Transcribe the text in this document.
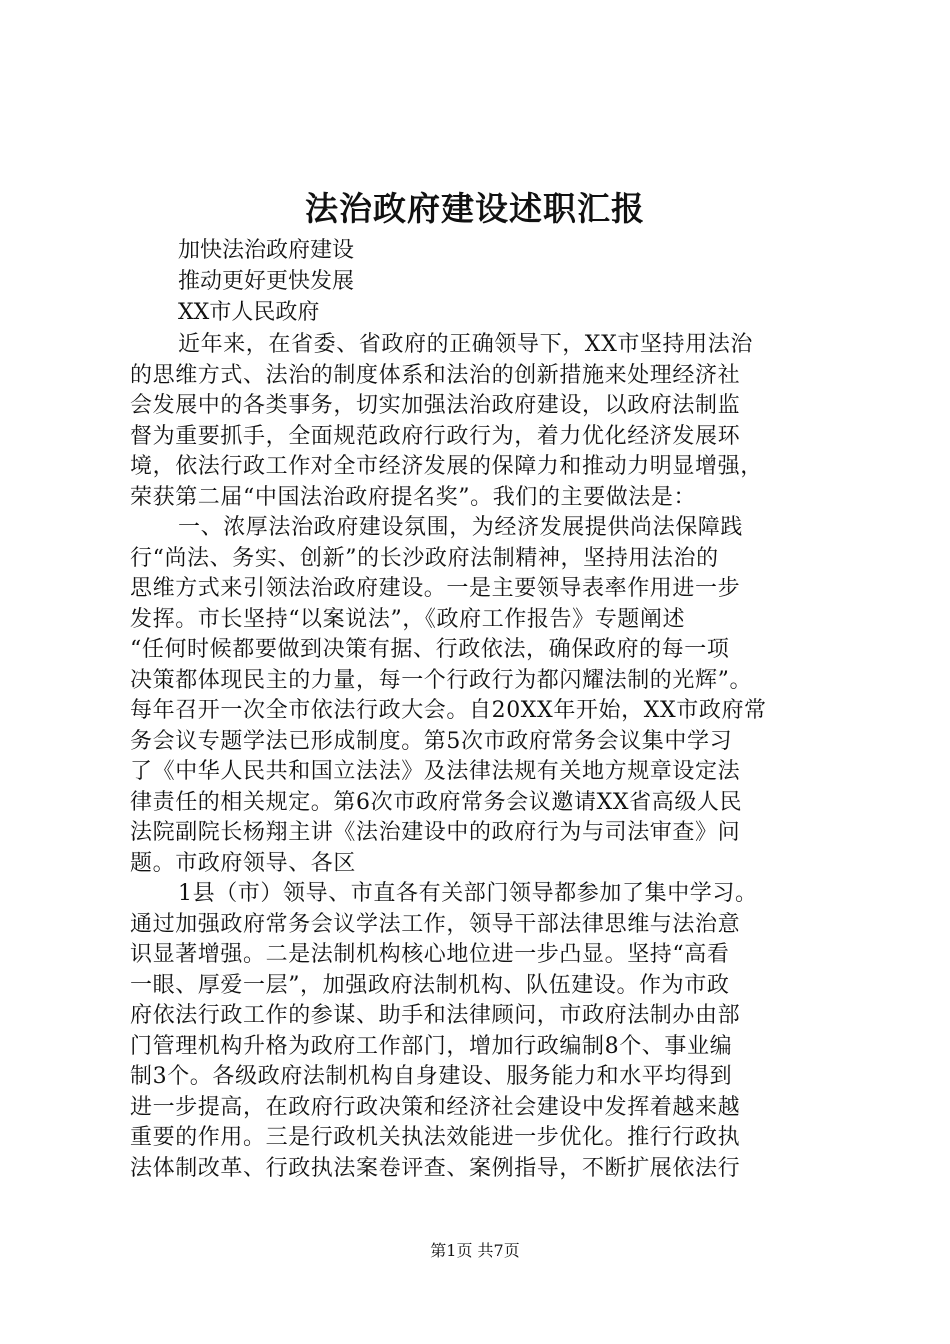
法治政府建设述职汇报

加快法治政府建设

推动更好更快发展

XX市人民政府

近年来，在省委、省政府的正确领导下，XX市坚持用法治
的思维方式、法治的制度体系和法治的创新措施来处理经济社
会发展中的各类事务，切实加强法治政府建设，以政府法制监
督为重要抓手，全面规范政府行政行为，着力优化经济发展环
境，依法行政工作对全市经济发展的保障力和推动力明显增强，
荣获第二届“中国法治政府提名奖”。我们的主要做法是：
一、浓厚法治政府建设氛围，为经济发展提供尚法保障践
行“尚法、务实、创新”的长沙政府法制精神，坚持用法治的
思维方式来引领法治政府建设。一是主要领导表率作用进一步
发挥。市长坚持“以案说法”，《政府工作报告》专题阐述
“任何时候都要做到决策有据、行政依法，确保政府的每一项
决策都体现民主的力量，每一个行政行为都闪耀法制的光辉”。
每年召开一次全市依法行政大会。自20XX年开始，XX市政府常
务会议专题学法已形成制度。第5次市政府常务会议集中学习
了《中华人民共和国立法法》及法律法规有关地方规章设定法
律责任的相关规定。第6次市政府常务会议邀请XX省高级人民
法院副院长杨翔主讲《法治建设中的政府行为与司法审查》问
题。市政府领导、各区
1县（市）领导、市直各有关部门领导都参加了集中学习。
通过加强政府常务会议学法工作，领导干部法律思维与法治意
识显著增强。二是法制机构核心地位进一步凸显。坚持“高看
一眼、厚爱一层”，加强政府法制机构、队伍建设。作为市政
府依法行政工作的参谋、助手和法律顾问，市政府法制办由部
门管理机构升格为政府工作部门，增加行政编制8个、事业编
制3个。各级政府法制机构自身建设、服务能力和水平均得到
进一步提高，在政府行政决策和经济社会建设中发挥着越来越
重要的作用。三是行政机关执法效能进一步优化。推行行政执
法体制改革、行政执法案卷评查、案例指导，不断扩展依法行

第1页 共7页
